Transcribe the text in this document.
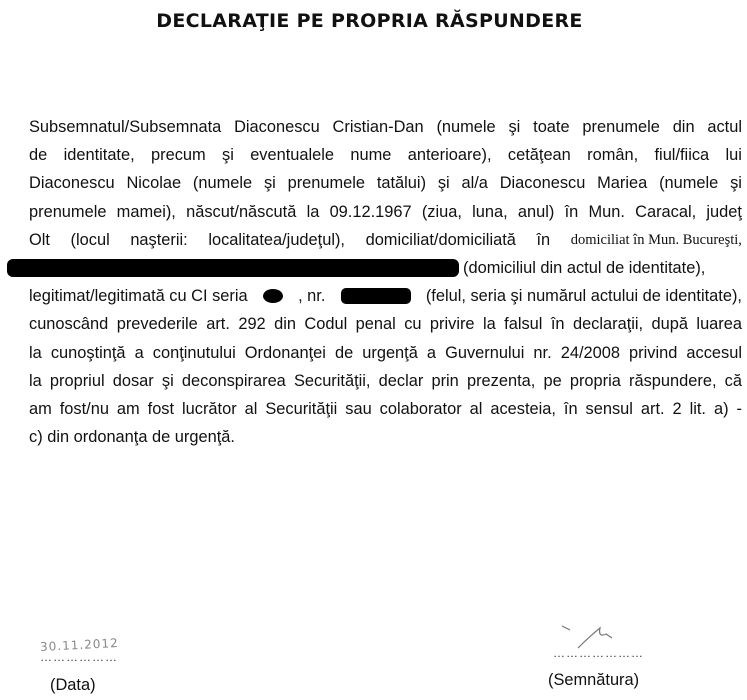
DECLARAŢIE PE PROPRIA RĂSPUNDERE
Subsemnatul/Subsemnata Diaconescu Cristian-Dan (numele şi toate prenumele din actul
de identitate, precum şi eventualele nume anterioare), cetăţean român, fiul/fiica lui
Diaconescu Nicolae (numele şi prenumele tatălui) şi al/a Diaconescu Mariea (numele şi
prenumele mamei), născut/născută la 09.12.1967 (ziua, luna, anul) în Mun. Caracal, judeţ
Olt (locul naşterii: localitatea/judeţul), domiciliat/domiciliată în domiciliat în Mun. Bucureşti,
(domiciliul din actul de identitate),
legitimat/legitimată cu CI seria	, nr.	(felul, seria şi numărul actului de identitate),
cunoscând prevederile art. 292 din Codul penal cu privire la falsul în declaraţii, după luarea
la cunoştinţă a conţinutului Ordonanţei de urgenţă a Guvernului nr. 24/2008 privind accesul
la propriul dosar şi deconspirarea Securităţii, declar prin prezenta, pe propria răspundere, că
am fost/nu am fost lucrător al Securităţii sau colaborator al acesteia, în sensul art. 2 lit. a) -
c) din ordonanţa de urgenţă.
30.11.2012
………………
(Data)
…………………
(Semnătura)
